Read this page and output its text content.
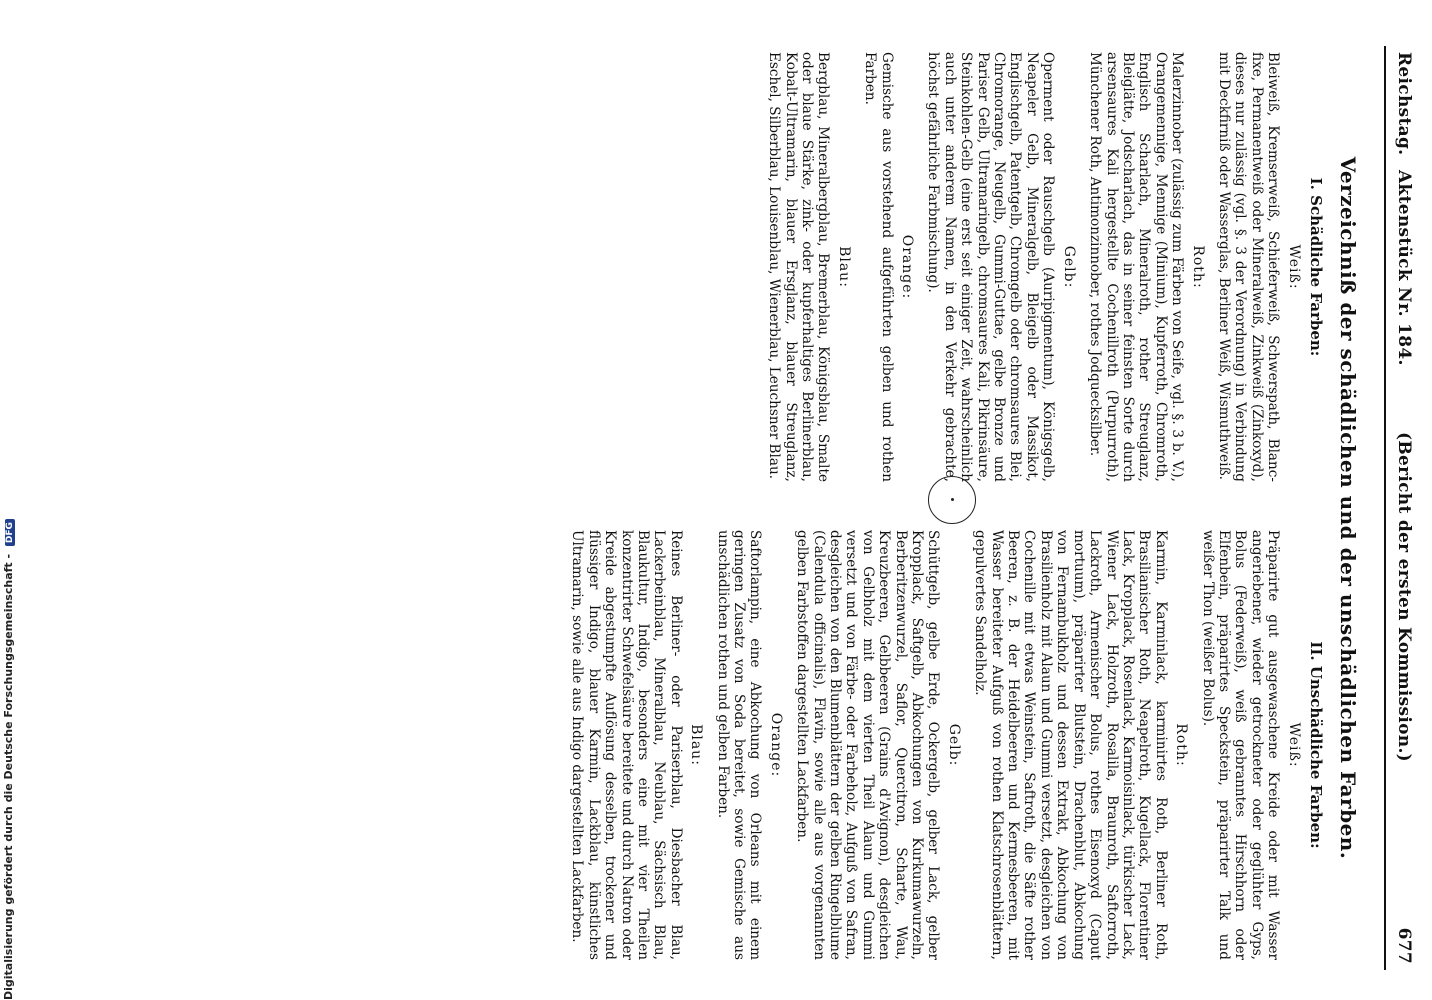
Digitalisierung gefördert durch die Deutsche Forschungsgemeinschaft - DFG
Reichstag.
Aktenstück Nr. 184.
(Bericht der ersten Kommission.)
677
Verzeichniß der schädlichen und der unschädlichen Farben.
I. Schädliche Farben:
Weiß:
Bleiweiß, Kremserweiß, Schieferweiß, Schwerspath, Blanc-fixe, Permanentweiß oder Mineralweiß, Zinkweiß (Zinkoxyd), dieses nur zulässig (vgl. §. 3 der Verordnung) in Verbindung mit Deckfirniß oder Wasserglas, Berliner Weiß, Wismuthweiß.
Roth:
Malerzinnober (zulässig zum Färben von Seife, vgl. §. 3 b. V.), Orangemennige, Mennige (Minium), Kupferroth, Chromroth, Englisch Scharlach, Mineralroth, rother Streuglanz, Bleiglätte, Jodscharlach, das in seiner feinsten Sorte durch arsensaures Kali hergestellte Cochenillroth (Purpurroth), Münchener Roth, Antimonzinnober, rothes Jodquecksilber.
Gelb:
Operment oder Rauschgelb (Auripigmentum), Königsgelb, Neapeler Gelb, Mineralgelb, Bleigelb oder Massikot, Englischgelb, Patentgelb, Chromgelb oder chromsaures Blei, Chromorange, Neugelb, Gummi-Guttae, gelbe Bronze und Pariser Gelb, Ultramaringelb, chromsaures Kali, Pikrinsäure, Steinkohlen-Gelb (eine erst seit einiger Zeit, wahrscheinlich auch unter anderem Namen, in den Verkehr gebrachte, höchst gefährliche Farbmischung).
Orange:
Gemische aus vorstehend aufgeführten gelben und rothen Farben.
Blau:
Bergblau, Mineralbergblau, Bremerblau, Königsblau, Smalte oder blaue Stärke, zink- oder kupferhaltiges Berlinerblau, Kobalt-Ultramarin, blauer Ersglanz, blauer Streuglanz, Eschel, Silberblau, Louisenblau, Wienerblau, Leuchsner Blau.
II. Unschädliche Farben:
Weiß:
Präparirte gut ausgewaschene Kreide oder mit Wasser angeriebener, wieder getrockneter oder geglühter Gyps, Bolus (Federweiß), weiß gebranntes Hirschhorn oder Elfenbein, präparirtes Speckstein, präparirter Talk und weißer Thon (weißer Bolus).
Roth:
Karmin, Karminlack, karminirtes Roth, Berliner Roth, Brasilianischer Roth, Neapelroth, Kugellack, Florentiner Lack, Kropplack, Rosenlack, Karmoisinlack, türkischer Lack, Wiener Lack, Holzroth, Rosalila, Braunroth, Saftorroth, Lackroth, Armenischer Bolus, rothes Eisenoxyd (Caput mortuum), präparirter Blutstein, Drachenblut, Abkochung von Fernambukholz und dessen Extrakt, Abkochung von Brasilienholz mit Alaun und Gummi versetzt, desgleichen von Cochenille mit etwas Weinstein, Saftroth, die Säfte rother Beeren, z. B. der Heidelbeeren und Kermesbeeren, mit Wasser bereiteter Aufguß von rothen Klatschrosenblättern, gepulvertes Sandelholz.
Gelb:
Schüttgelb, gelbe Erde, Ockergelb, gelber Lack, gelber Kropplack, Saftgelb, Abkochungen von Kurkumawurzeln, Berberitzenwurzel, Saflor, Quercitron, Scharte, Wau, Kreuzbeeren, Gelbbeeren (Grains d'Avignon), desgleichen von Gelbholz mit dem vierten Theil Alaun und Gummi versetzt und von Färbe- oder Farbeholz, Aufguß von Safran, desgleichen von den Blumenblättern der gelben Ringelblume (Calendula officinalis), Flavin, sowie alle aus vorgenannten gelben Farbstoffen dargestellten Lackfarben.
Orange:
Saftorlampin, eine Abkochung von Orleans mit einem geringen Zusatz von Soda bereitet, sowie Gemische aus unschädlichen rothen und gelben Farben.
Blau:
Reines Berliner- oder Pariserblau, Diesbacher Blau, Lackerbeinblau, Mineralblau, Neublau, Sächsisch Blau, Blaukultur, Indigo, besonders eine mit vier Theilen konzentrirter Schwefelsäure bereitete und durch Natron oder Kreide abgestumpfte Auflösung desselben, trockener und flüssiger Indigo, blauer Karmin, Lackblau, künstliches Ultramarin, sowie alle aus Indigo dargestellten Lackfarben.
